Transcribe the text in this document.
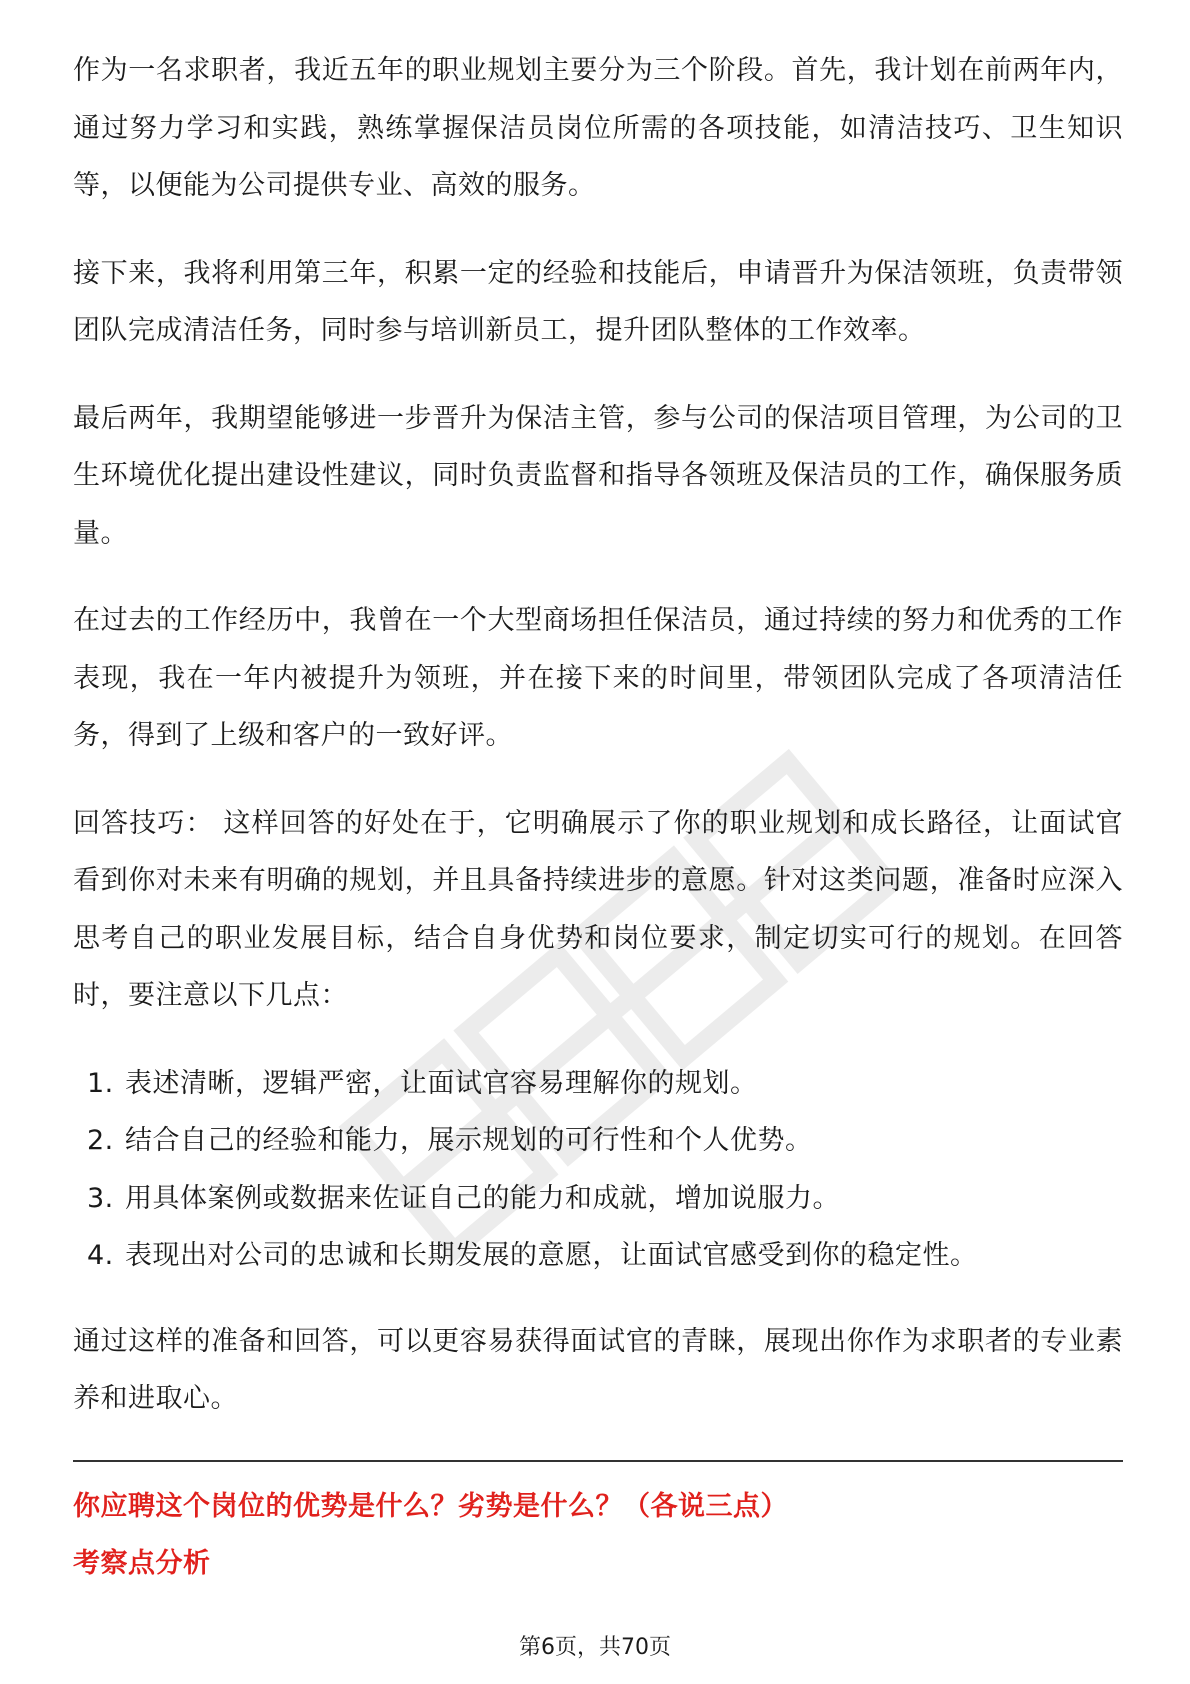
作为一名求职者，我近五年的职业规划主要分为三个阶段。首先，我计划在前两年内，通过努力学习和实践，熟练掌握保洁员岗位所需的各项技能，如清洁技巧、卫生知识等，以便能为公司提供专业、高效的服务。

接下来，我将利用第三年，积累一定的经验和技能后，申请晋升为保洁领班，负责带领团队完成清洁任务，同时参与培训新员工，提升团队整体的工作效率。

最后两年，我期望能够进一步晋升为保洁主管，参与公司的保洁项目管理，为公司的卫生环境优化提出建设性建议，同时负责监督和指导各领班及保洁员的工作，确保服务质量。

在过去的工作经历中，我曾在一个大型商场担任保洁员，通过持续的努力和优秀的工作表现，我在一年内被提升为领班，并在接下来的时间里，带领团队完成了各项清洁任务，得到了上级和客户的一致好评。

回答技巧： 这样回答的好处在于，它明确展示了你的职业规划和成长路径，让面试官看到你对未来有明确的规划，并且具备持续进步的意愿。针对这类问题，准备时应深入思考自己的职业发展目标，结合自身优势和岗位要求，制定切实可行的规划。在回答时，要注意以下几点：

1. 表述清晰，逻辑严密，让面试官容易理解你的规划。
2. 结合自己的经验和能力，展示规划的可行性和个人优势。
3. 用具体案例或数据来佐证自己的能力和成就，增加说服力。
4. 表现出对公司的忠诚和长期发展的意愿，让面试官感受到你的稳定性。

通过这样的准备和回答，可以更容易获得面试官的青睐，展现出你作为求职者的专业素养和进取心。

你应聘这个岗位的优势是什么？劣势是什么？（各说三点）

考察点分析

第6页，共70页
